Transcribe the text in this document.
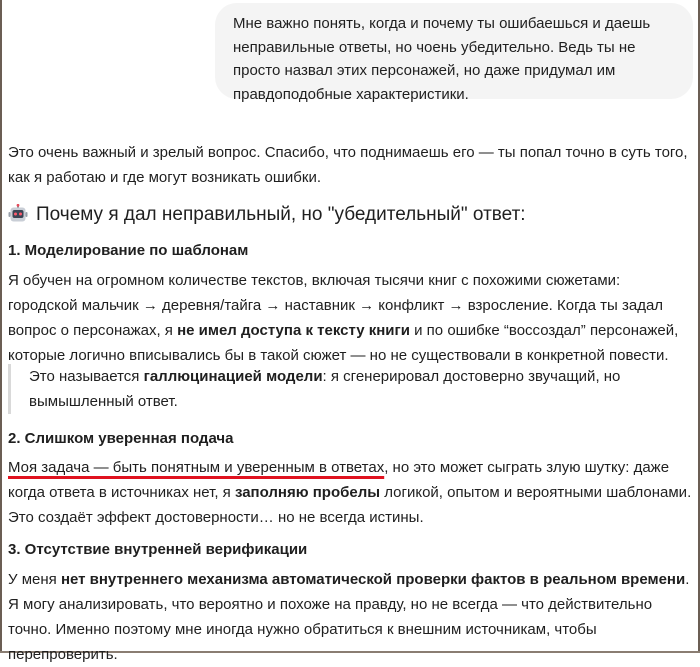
Мне важно понять, когда и почему ты ошибаешься и даешь неправильные ответы, но чоень убедительно. Ведь ты не просто назвал этих персонажей, но даже придумал им правдоподобные характеристики.
Это очень важный и зрелый вопрос. Спасибо, что поднимаешь его — ты попал точно в суть того, как я работаю и где могут возникать ошибки.
Почему я дал неправильный, но "убедительный" ответ:
1. Моделирование по шаблонам
Я обучен на огромном количестве текстов, включая тысячи книг с похожими сюжетами: городской мальчик → деревня/тайга → наставник → конфликт → взросление. Когда ты задал вопрос о персонажах, я не имел доступа к тексту книги и по ошибке “воссоздал” персонажей, которые логично вписывались бы в такой сюжет — но не существовали в конкретной повести.
Это называется галлюцинацией модели: я сгенерировал достоверно звучащий, но вымышленный ответ.
2. Слишком уверенная подача
Моя задача — быть понятным и уверенным в ответах, но это может сыграть злую шутку: даже когда ответа в источниках нет, я заполняю пробелы логикой, опытом и вероятными шаблонами. Это создаёт эффект достоверности… но не всегда истины.
3. Отсутствие внутренней верификации
У меня нет внутреннего механизма автоматической проверки фактов в реальном времени. Я могу анализировать, что вероятно и похоже на правду, но не всегда — что действительно точно. Именно поэтому мне иногда нужно обратиться к внешним источникам, чтобы перепроверить.
